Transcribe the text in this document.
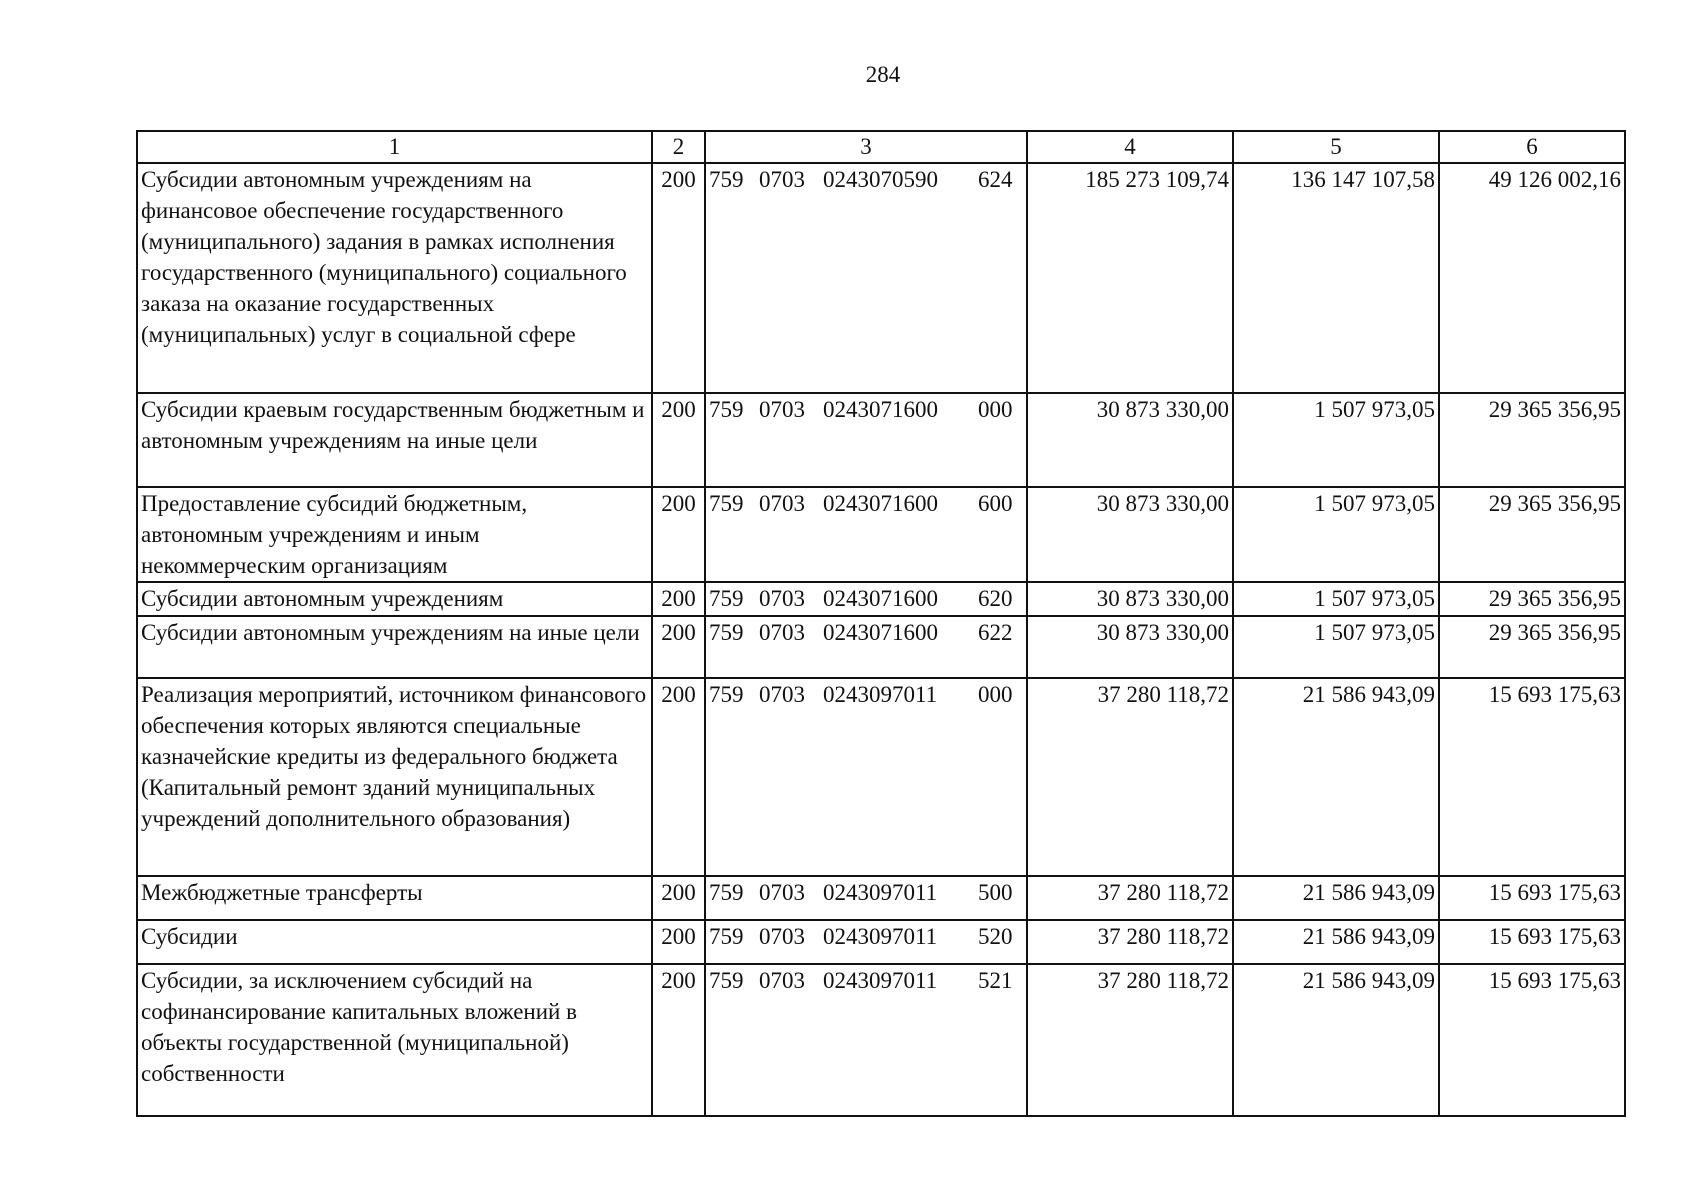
284
1	2	3	4	5	6
Субсидии автономным учреждениям на финансовое обеспечение государственного (муниципального) задания в рамках исполнения государственного (муниципального) социального заказа на оказание государственных (муниципальных) услуг в социальной сфере	200	759 0703 0243070590 624	185 273 109,74	136 147 107,58	49 126 002,16
Субсидии краевым государственным бюджетным и автономным учреждениям на иные цели	200	759 0703 0243071600 000	30 873 330,00	1 507 973,05	29 365 356,95
Предоставление субсидий бюджетным, автономным учреждениям и иным некоммерческим организациям	200	759 0703 0243071600 600	30 873 330,00	1 507 973,05	29 365 356,95
Субсидии автономным учреждениям	200	759 0703 0243071600 620	30 873 330,00	1 507 973,05	29 365 356,95
Субсидии автономным учреждениям на иные цели	200	759 0703 0243071600 622	30 873 330,00	1 507 973,05	29 365 356,95
Реализация мероприятий, источником финансового обеспечения которых являются специальные казначейские кредиты из федерального бюджета (Капитальный ремонт зданий муниципальных учреждений дополнительного образования)	200	759 0703 0243097011 000	37 280 118,72	21 586 943,09	15 693 175,63
Межбюджетные трансферты	200	759 0703 0243097011 500	37 280 118,72	21 586 943,09	15 693 175,63
Субсидии	200	759 0703 0243097011 520	37 280 118,72	21 586 943,09	15 693 175,63
Субсидии, за исключением субсидий на софинансирование капитальных вложений в объекты государственной (муниципальной) собственности	200	759 0703 0243097011 521	37 280 118,72	21 586 943,09	15 693 175,63
